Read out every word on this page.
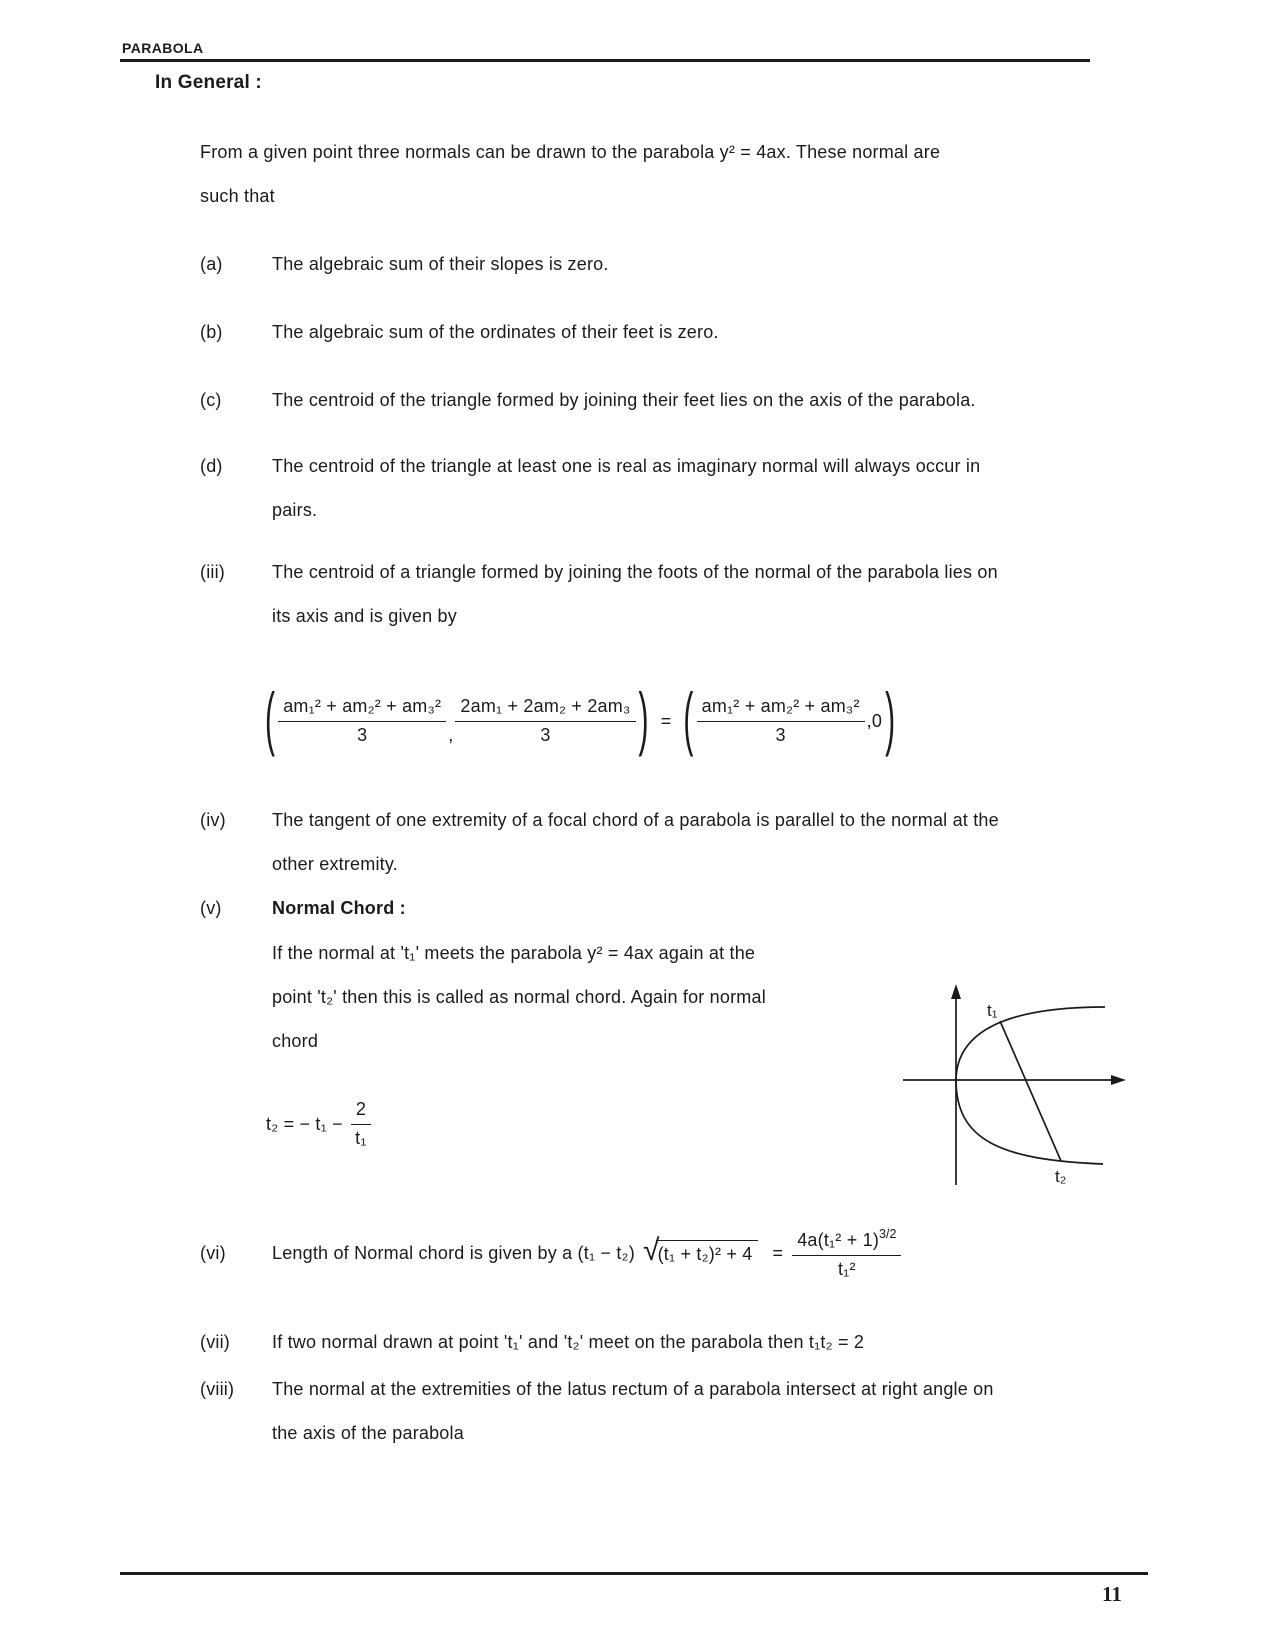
PARABOLA
In General :
From a given point three normals can be drawn to the parabola y² = 4ax. These normal are
such that
(a)	The algebraic sum of their slopes is zero.
(b)	The algebraic sum of the ordinates of their feet is zero.
(c)	The centroid of the triangle formed by joining their feet lies on the axis of the parabola.
(d)	The centroid of the triangle at least one is real as imaginary normal will always occur in
pairs.
(iii)	The centroid of a triangle formed by joining the foots of the normal of the parabola lies on
its axis and is given by
( $\frac{\text{am₁² + am₂² + am₃²}}{3}$ , $\frac{\text{2am₁ + 2am₂ + 2am₃}}{3}$ ) = ( $\frac{\text{am₁² + am₂² + am₃²}}{3} ,0$ )
(iv)	The tangent of one extremity of a focal chord of a parabola is parallel to the normal at the
other extremity.
(v)	Normal Chord :
If the normal at 't₁' meets the parabola y² = 4ax again at the
point 't₂' then this is called as normal chord. Again for normal
chord
t₂ = − $t_1 - \frac{2}{\text{t₁}}$
t₁
t₂
(vi)	Length of Normal chord is given by a (t₁ − t₂) √
$(t_1 + t_2)^2 + 4 = \frac{4a(t_1^2 + 1)^{3/2}}{\text{t₁²}}$
(vii) If two normal drawn at point 't₁' and 't₂' meet on the parabola then t₁t₂ = 2
(viii) The normal at the extremities of the latus rectum of a parabola intersect at right angle on
the axis of the parabola
11
